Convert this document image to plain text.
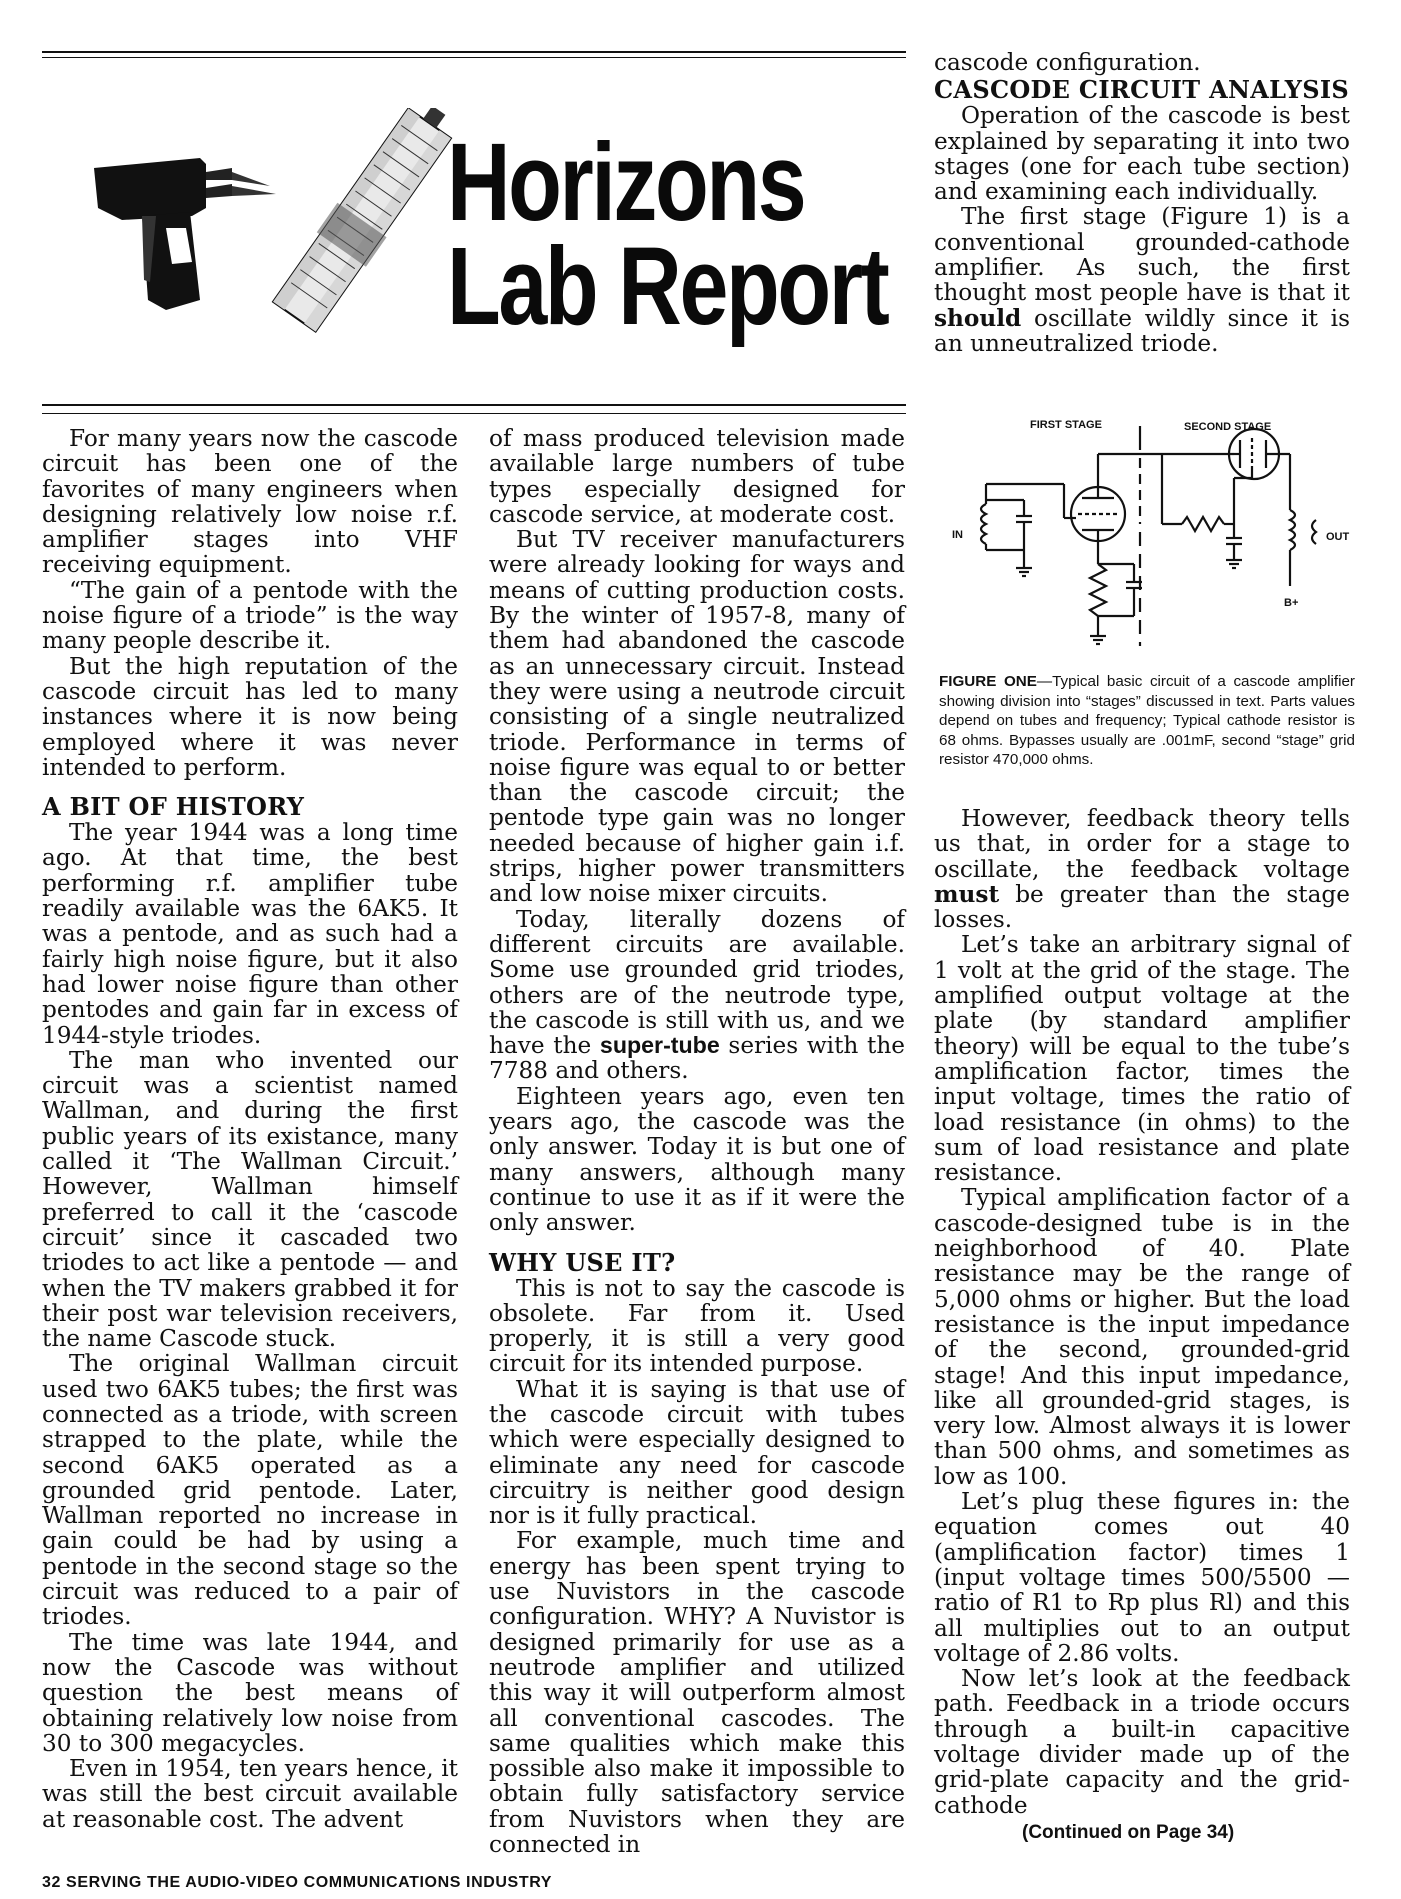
Horizons
Lab Report

For many years now the cascode circuit has been one of the favorites of many engineers when designing relatively low noise r.f. amplifier stages into VHF receiving equipment.

“The gain of a pentode with the noise figure of a triode” is the way many people describe it.

But the high reputation of the cascode circuit has led to many instances where it is now being employed where it was never intended to perform.

A BIT OF HISTORY

The year 1944 was a long time ago. At that time, the best performing r.f. amplifier tube readily available was the 6AK5. It was a pentode, and as such had a fairly high noise figure, but it also had lower noise figure than other pentodes and gain far in excess of 1944-style triodes.

The man who invented our circuit was a scientist named Wallman, and during the first public years of its existance, many called it ‘The Wallman Circuit.’ However, Wallman himself preferred to call it the ‘cascode circuit’ since it cascaded two triodes to act like a pentode — and when the TV makers grabbed it for their post war television receivers, the name Cascode stuck.

The original Wallman circuit used two 6AK5 tubes; the first was connected as a triode, with screen strapped to the plate, while the second 6AK5 operated as a grounded grid pentode. Later, Wallman reported no increase in gain could be had by using a pentode in the second stage so the circuit was reduced to a pair of triodes.

The time was late 1944, and now the Cascode was without question the best means of obtaining relatively low noise from 30 to 300 megacycles.

Even in 1954, ten years hence, it was still the best circuit available at reasonable cost. The advent

of mass produced television made available large numbers of tube types especially designed for cascode service, at moderate cost.

But TV receiver manufacturers were already looking for ways and means of cutting production costs. By the winter of 1957-8, many of them had abandoned the cascode as an unnecessary circuit. Instead they were using a neutrode circuit consisting of a single neutralized triode. Performance in terms of noise figure was equal to or better than the cascode circuit; the pentode type gain was no longer needed because of higher gain i.f. strips, higher power transmitters and low noise mixer circuits.

Today, literally dozens of different circuits are available. Some use grounded grid triodes, others are of the neutrode type, the cascode is still with us, and we have the super-tube series with the 7788 and others.

Eighteen years ago, even ten years ago, the cascode was the only answer. Today it is but one of many answers, although many continue to use it as if it were the only answer.

WHY USE IT?

This is not to say the cascode is obsolete. Far from it. Used properly, it is still a very good circuit for its intended purpose.

What it is saying is that use of the cascode circuit with tubes which were especially designed to eliminate any need for cascode circuitry is neither good design nor is it fully practical.

For example, much time and energy has been spent trying to use Nuvistors in the cascode configuration. WHY? A Nuvistor is designed primarily for use as a neutrode amplifier and utilized this way it will outperform almost all conventional cascodes. The same qualities which make this possible also make it impossible to obtain fully satisfactory service from Nuvistors when they are connected in

cascode configuration.

CASCODE CIRCUIT ANALYSIS

Operation of the cascode is best explained by separating it into two stages (one for each tube section) and examining each individually.

The first stage (Figure 1) is a conventional grounded-cathode amplifier. As such, the first thought most people have is that it should oscillate wildly since it is an unneutralized triode.

FIRST STAGE	SECOND STAGE
IN	OUT
B+
FIGURE ONE—Typical basic circuit of a cascode amplifier showing division into “stages” discussed in text. Parts values depend on tubes and frequency; Typical cathode resistor is 68 ohms. Bypasses usually are .001mF, second “stage” grid resistor 470,000 ohms.

However, feedback theory tells us that, in order for a stage to oscillate, the feedback voltage must be greater than the stage losses.

Let’s take an arbitrary signal of 1 volt at the grid of the stage. The amplified output voltage at the plate (by standard amplifier theory) will be equal to the tube’s amplification factor, times the input voltage, times the ratio of load resistance (in ohms) to the sum of load resistance and plate resistance.

Typical amplification factor of a cascode-designed tube is in the neighborhood of 40. Plate resistance may be the range of 5,000 ohms or higher. But the load resistance is the input impedance of the second, grounded-grid stage! And this input impedance, like all grounded-grid stages, is very low. Almost always it is lower than 500 ohms, and sometimes as low as 100.

Let’s plug these figures in: the equation comes out 40 (amplification factor) times 1 (input voltage times 500/5500 — ratio of R1 to Rp plus Rl) and this all multiplies out to an output voltage of 2.86 volts.

Now let’s look at the feedback path. Feedback in a triode occurs through a built-in capacitive voltage divider made up of the grid-plate capacity and the grid-cathode

(Continued on Page 34)
32 SERVING THE AUDIO-VIDEO COMMUNICATIONS INDUSTRY
